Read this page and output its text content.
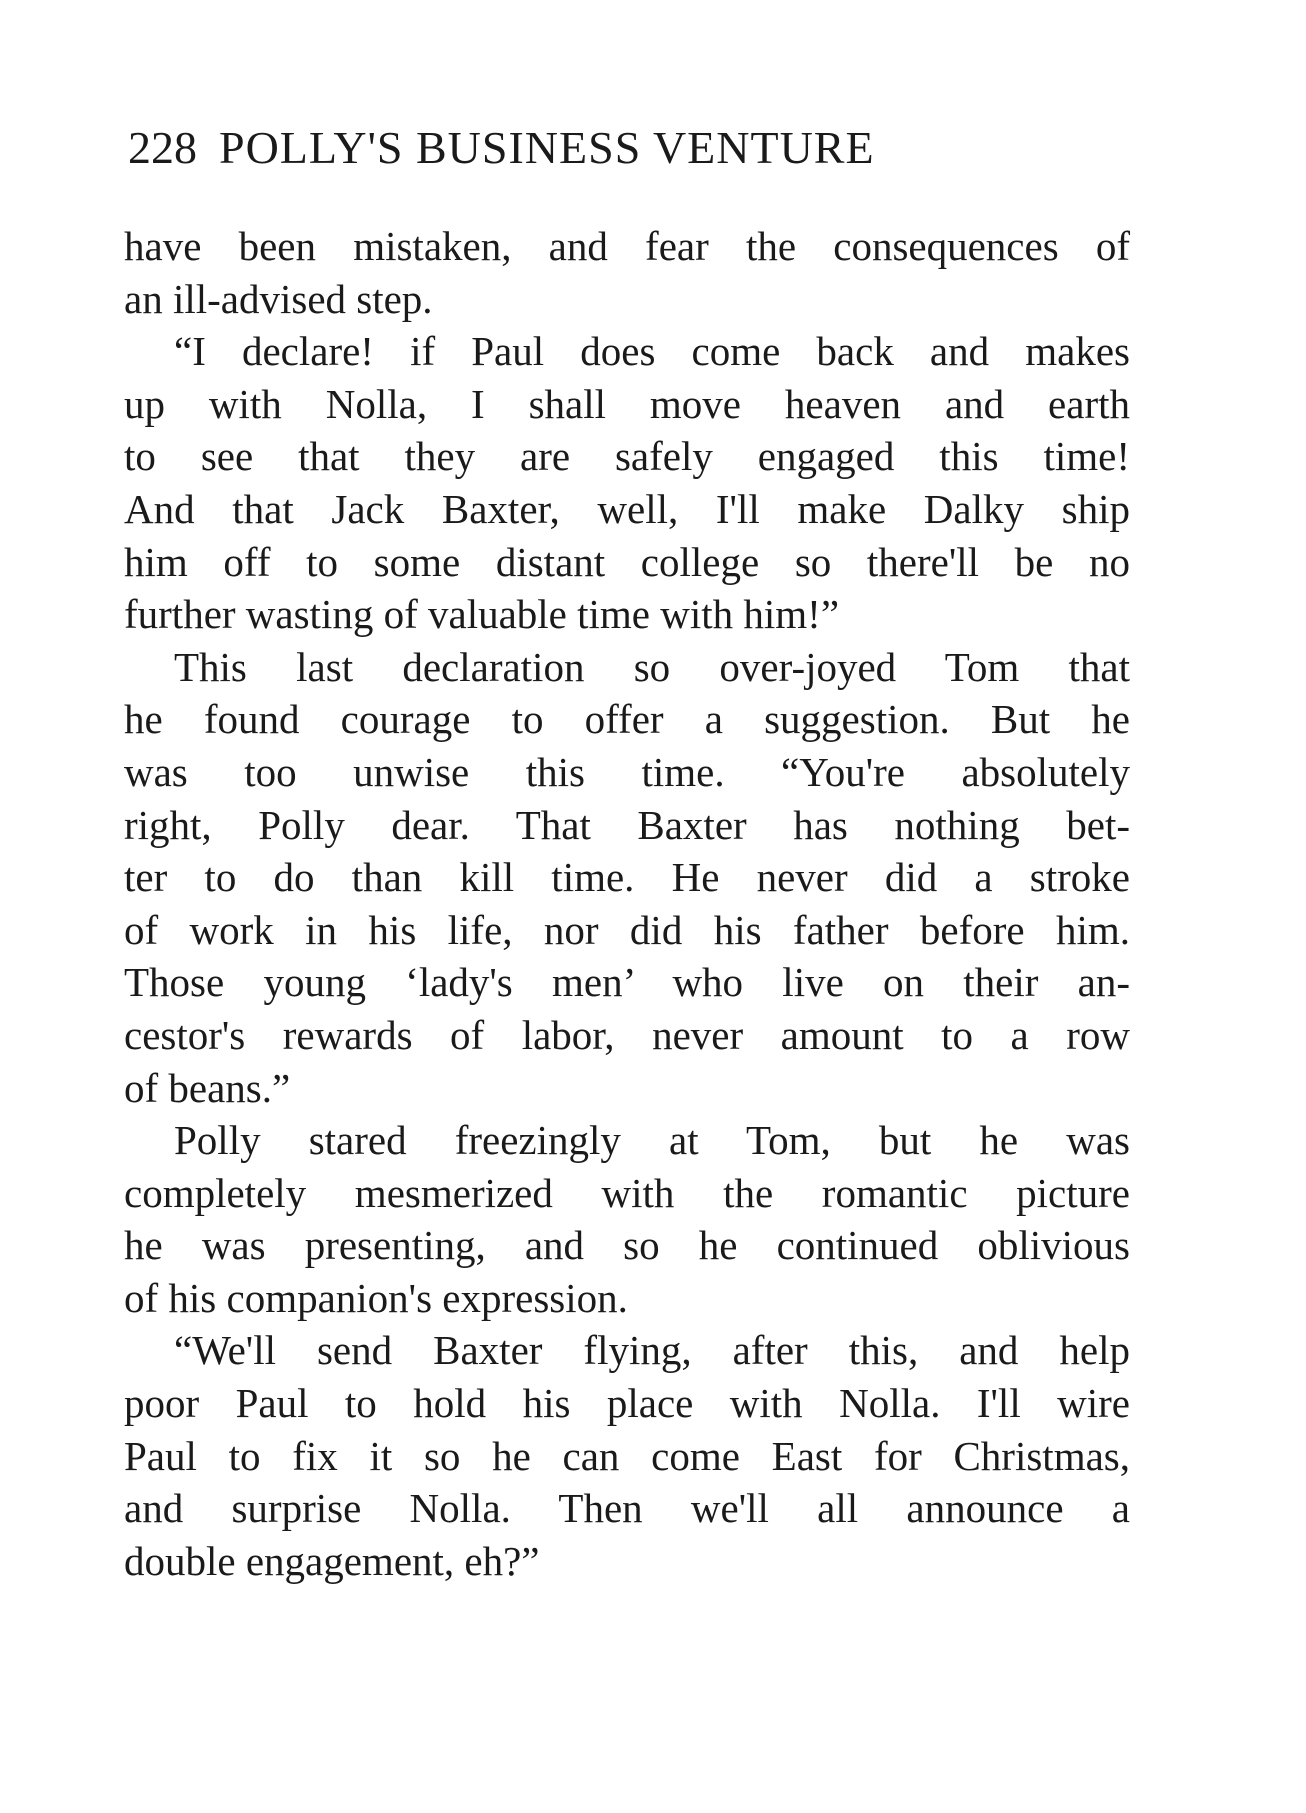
228 POLLY'S BUSINESS VENTURE
have been mistaken, and fear the consequences of
an ill-advised step.
“I declare! if Paul does come back and makes
up with Nolla, I shall move heaven and earth
to see that they are safely engaged this time!
And that Jack Baxter, well, I'll make Dalky ship
him off to some distant college so there'll be no
further wasting of valuable time with him!”
This last declaration so over-joyed Tom that
he found courage to offer a suggestion. But he
was too unwise this time. “You're absolutely
right, Polly dear. That Baxter has nothing bet-
ter to do than kill time. He never did a stroke
of work in his life, nor did his father before him.
Those young ‘lady's men’ who live on their an-
cestor's rewards of labor, never amount to a row
of beans.”
Polly stared freezingly at Tom, but he was
completely mesmerized with the romantic picture
he was presenting, and so he continued oblivious
of his companion's expression.
“We'll send Baxter flying, after this, and help
poor Paul to hold his place with Nolla. I'll wire
Paul to fix it so he can come East for Christmas,
and surprise Nolla. Then we'll all announce a
double engagement, eh?”
